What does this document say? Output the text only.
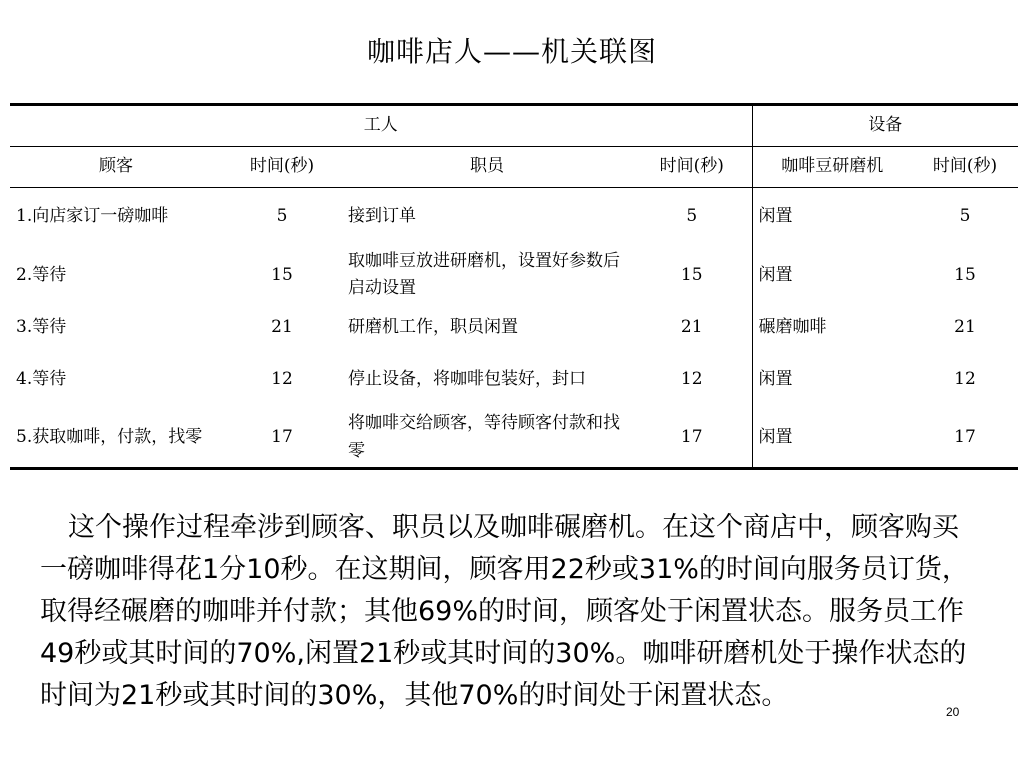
咖啡店人——机关联图
工人				设备	
顾客	时间(秒)	职员	时间(秒)	咖啡豆研磨机	时间(秒)
1.向店家订一磅咖啡	5	接到订单	5	闲置	5
2.等待	15	取咖啡豆放进研磨机，设置好参数后启动设置	15	闲置	15
3.等待	21	研磨机工作，职员闲置	21	碾磨咖啡	21
4.等待	12	停止设备，将咖啡包装好，封口	12	闲置	12
5.获取咖啡，付款，找零	17	将咖啡交给顾客，等待顾客付款和找零	17	闲置	17
这个操作过程牵涉到顾客、职员以及咖啡碾磨机。在这个商店中，顾客购买一磅咖啡得花1分10秒。在这期间，顾客用22秒或31%的时间向服务员订货，取得经碾磨的咖啡并付款；其他69%的时间，顾客处于闲置状态。服务员工作49秒或其时间的70%,闲置21秒或其时间的30%。咖啡研磨机处于操作状态的时间为21秒或其时间的30%，其他70%的时间处于闲置状态。
20
